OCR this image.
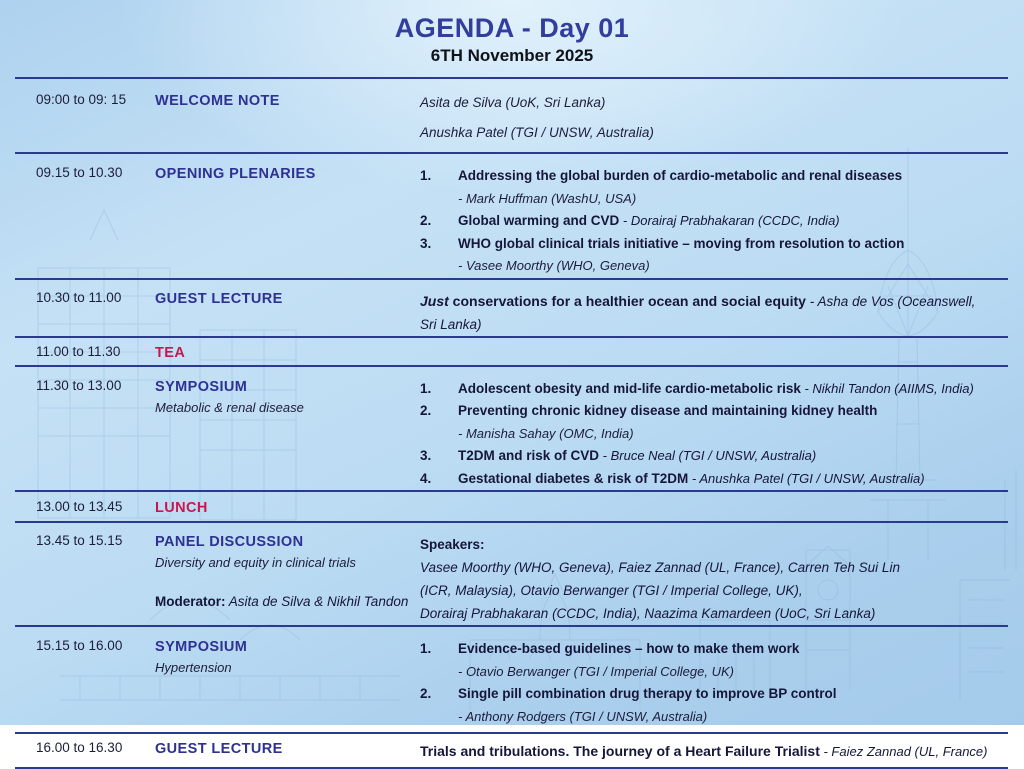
AGENDA - Day 01
6TH November 2025
09:00 to 09: 15	WELCOME NOTE	Asita de Silva (UoK, Sri Lanka)

Anushka Patel (TGI / UNSW, Australia)

09.15 to 10.30	OPENING PLENARIES	1.	Addressing the global burden of cardio-metabolic and renal diseases

- Mark Huffman (WashU, USA)

2.	Global warming and CVD - Dorairaj Prabhakaran (CCDC, India)
3.	WHO global clinical trials initiative – moving from resolution to action

- Vasee Moorthy (WHO, Geneva)

10.30 to 11.00	GUEST LECTURE	Just conservations for a healthier ocean and social equity - Asha de Vos (Oceanswell, Sri Lanka)

11.00 to 11.30	TEA
11.30 to 13.00	SYMPOSIUM
Metabolic & renal disease
1.	Adolescent obesity and mid-life cardio-metabolic risk - Nikhil Tandon (AIIMS, India)
2.	Preventing chronic kidney disease and maintaining kidney health

- Manisha Sahay (OMC, India)

3.	T2DM and risk of CVD - Bruce Neal (TGI / UNSW, Australia)
4.	Gestational diabetes & risk of T2DM - Anushka Patel (TGI / UNSW, Australia)
13.00 to 13.45	LUNCH
13.45 to 15.15	PANEL DISCUSSION
Diversity and equity in clinical trials

Moderator: Asita de Silva & Nikhil Tandon

Speakers:

Vasee Moorthy (WHO, Geneva), Faiez Zannad (UL, France), Carren Teh Sui Lin

(ICR, Malaysia), Otavio Berwanger (TGI / Imperial College, UK),

Dorairaj Prabhakaran (CCDC, India), Naazima Kamardeen (UoC, Sri Lanka)

15.15 to 16.00	SYMPOSIUM
Hypertension
1.	Evidence-based guidelines – how to make them work

- Otavio Berwanger (TGI / Imperial College, UK)

2.	Single pill combination drug therapy to improve BP control

- Anthony Rodgers (TGI / UNSW, Australia)

16.00 to 16.30	GUEST LECTURE	Trials and tribulations. The journey of a Heart Failure Trialist - Faiez Zannad (UL, France)
